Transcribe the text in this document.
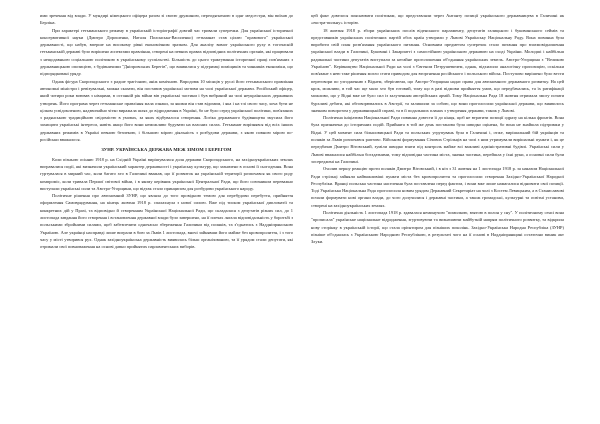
ими зречення від влади. У мундирі німецького офіцера разом зі своєю дружиною, переодягненою в одяг медсестри, він виїхав до Берліна.

При характері гетьманського режиму в українській історіографії довгий час тривали суперечки. Для української історичної консервативної науки (Дмитро Дорошенко, Наталя Полонська-Василенко) гетьманат став ціллю "правового" української державності, що набув, вперше на високому рівні економічним зразком. Для аналізу вимог українського руху в тогочасній гетьманській державі було вирішено аспектами правління, створені на певних правах відповідних політичних органів, які працювали з нещодавньою соціальною політикою в українському суспільстві. Більшість до цього трактування історичної праці пов'язаних з державницькою опозицією, з будівничими "Дніпровських Берегів", що виявилися у підтримці поміщиків та чинників економіки, що підпорядковані уряду.

Однак фігура Скоропадського є радше трагічною, аніж комічною. Впродовж 10 місяців у руслі його гетьманського правління автономні міністри і ревізувальні, можна сказати, він поставив українські мотиви на чолі української держави. Російський офіцер, який чотири роки воював з німцями, в останній рік війни вів українські частини і був вибраний на чолі неукраїнських державних утворень. Його програма через гетьманське правління мала ознаки, за якими він став відомим, і яка і на тлі свого часу, хоча бути не цілком усвідомленою, надзвичайно чітко виражала шлях до відродження в Україні, бо не було серед української політики, пов'язаних з радянською традиційною свідомістю в умовах, за яких відбувалося створення. Логіка державного будівництва змусила його захищати українські інтереси, навіть якщо його вони неможливо будувати на власних силах. Гетьманат вирізнявся від всіх інших державних режимів в Україні певною безпекою, і більшою мірою діяльність з розбудови держави, з якою повною мірою по-російськи вважалося.

ЗУНР. УКРАЇНСЬКА ДЕРЖАВА МЕЖ ЗІМОМ І БЕРЕГОМ

Коли пізньою осінню 1918 р. на Східній Україні вирішувалася доля держави Скоропадського, на західноукраїнських землях вигравалися події, які визначили український характер державності і українську культуру, що зазначено в основі її сьогодення. Вона гуртувалася в мирний час, коли багато хто в Галичині вважав, що її розвиток на українській території розпочався як свого роду компроміс, коли тривала Першої світової війни, і в якому керівник української Центральної Ради, що його союзником переважно виступали українські сили та Австро-Угорщини, що відтак стало принципом для розбудови українського народу.

Політичне рішення про автономний ЗУНР, що являла до того провідною темою для перебудови перебуття, прийняття оформлення Самоврядування, на кінець жовтня 1918 р. спалахнула з нової силою. Вже під тиском української дипломатії та конкретних дій у Празі, та відповідно й створенням Української Національної Ради, що складалася з депутатів різних сил, до 1 листопада завдання його створення і встановлення державної влади було завершено, на її плечах лягала відповідальність у боротьбі з польськими збройними силами, щоб забезпечити одночасно збереження Галичини від поляків, та з'єднатись з Наддніпрянською Україною. Але українці насправді лише виграли в бою за Львів 1 листопада, вночі зайнявши його майже без кровопролиття, і з того часу у місті утворився рух. Однак західноукраїнська державність виявилась більш організованою, та її урядом стали депутати, які отримали свої повноваження на основі давно прийнятих парламентських виборів.

цей факт довелося пояснювати політикам, що представляли через Антанту позиції українського державництва в Галичині як «екстра-пильну» історію.

18 жовтня 1918 р. збори українських послів віденського парламенту, депутатів галицького і буковинського сеймів та представників українських політичних партій обох країн утворили у Львові Українську Національну Раду. Вона повинна була виробити свій план розв'язання українського питання. Основним предметом суперечок стало питання про взаємовідношення української влади в Галичині, Буковині і Закарпатті з самостійною українською державою на сході України. Молодші і найбільш радикальні частини депутатів виступали за негайне проголошення об'єднання українських земель. Австро-Угорщина з "Великою Україною". Керівництво Національної Ради на чолі з Євгеном Петрушевичем, однак, відхилило аналогічну пропозицію, оскільки пов'язане з нею таке рішення могло стати приводом для вторгнення російського і польського військ. Поступово вирішено було вести переговори по узгодженню з Віднем, зберігаючи, що Австро-Угорщина надає права для автономного державного розвитку. На цей крок, можливо, в той час ще мало хто був готовий, тому що в разі відмови прийняття умов, що передбачались, та їх ратифікації можливо, що у Відні вже не було сил із залученням австрійських армій. Тому Національна Рада 18 жовтня отримала змогу почати бурхливі дебати, які обговорювались в Австрії, та залишили за собою, що вони проголосили української держави, що виявилось значним поворотом у державницькій справі, та в її подальших планах з утворення держави, також у Львові.

Політична ініціатива Національної Ради повинна довести її до кінця, щоб не втратити позиції одразу на кілька фронтів. Вона була призначена до історичних подій. Прийнята в той же день постанова була швидко оцінена, бо вона не знайшла підтримки у Відні. У цей момент сила більшовицької Ради та польських угрупувань була в Галичині і, отже, вирішальний бій українців та поляків за Львів розпочався раптово. Військові формування Січових Стрільців на чолі з ним утримували вирішальні пункти і, як це передбачав Дмитро Вітовський, зуміли швидко взяти під контроль майже всі важливі адміністративні будівлі. Українські сили у Львові вважалися найбільш боєздатними, тому відповідна частина міста, значна частина, перейшла у їхні руки, а основні сили були зосереджені на Галичині.

Очолив першу реакцію проти поляків Дмитро Вітовський, і в ніч з 31 жовтня на 1 листопада 1918 р. за наказом Національної Ради стрільці зайняли найважливіші пункти міста без кровопролиття та проголосили створення Західно-Української Народної Республіки. Вранці польська частина населення була поставлена перед фактом, і вони вже лише намагалися відновити свої позиції. Тоді Українська Національна Рада проголосила новим урядом Державний Секретаріат на чолі з Костем Левицьким, а в Станиславові почали формувати нові органи влади, до чого долучилися і державні частини, а також громадські, культурні та освітні установи, створені на західноукраїнських землях.

Політична діяльність 1 листопада 1918 р. здавалася неминучою "помилкою, взятою в полон у сну". У політичному сенсі вона "прописала" українське національне відродження, згуртовуючи та визначаючи майбутній напрям політичного розвитку, та відкрила нову сторінку в українській історії, що стала орієнтиром для пізніших поколінь. Західно-Українська Народна Республіка (ЗУНР) пізніше об'єдналась з Українською Народною Республікою, в результаті чого на її основі в Наддніпрянщині остаточно виник акт Злуки.
